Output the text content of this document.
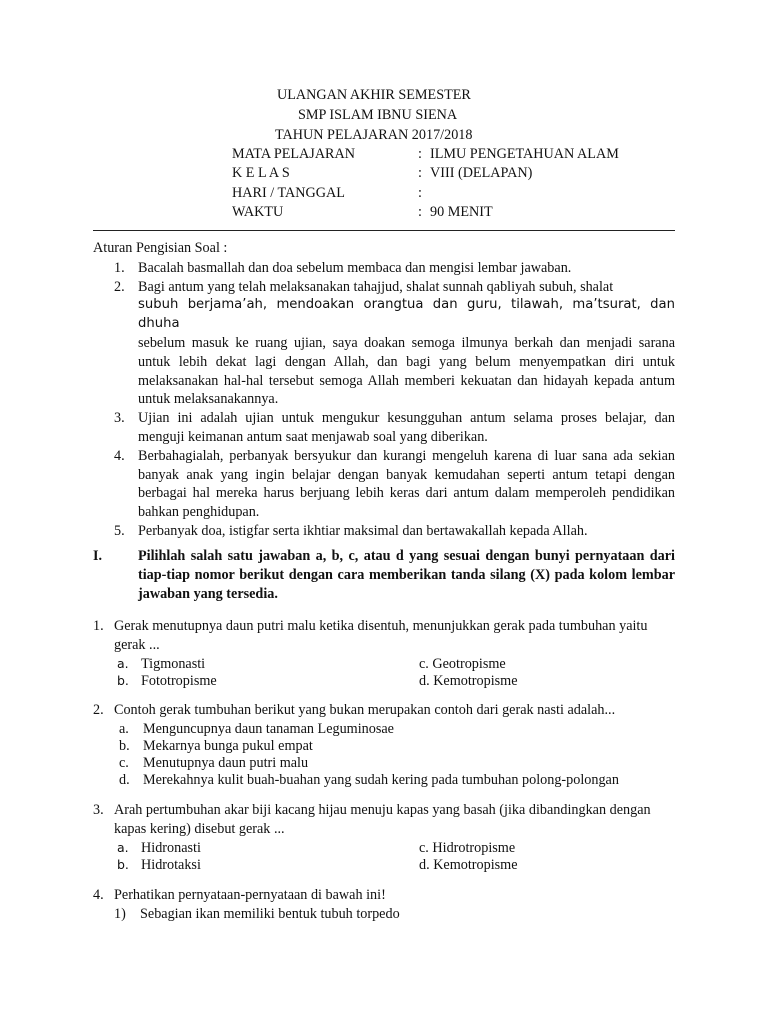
ULANGAN AKHIR SEMESTER
SMP ISLAM IBNU SIENA
TAHUN PELAJARAN 2017/2018
MATA PELAJARAN	: ILMU PENGETAHUAN ALAM
K E L A S	: VIII (DELAPAN)
HARI / TANGGAL	:
WAKTU	: 90 MENIT
Aturan Pengisian Soal :
1. Bacalah basmallah dan doa sebelum membaca dan mengisi lembar jawaban.
2. Bagi antum yang telah melaksanakan tahajjud, shalat sunnah qabliyah subuh, shalat
subuh berjama’ah, mendoakan orangtua dan guru, tilawah, ma’tsurat, dan dhuha
sebelum masuk ke ruang ujian, saya doakan semoga ilmunya berkah dan menjadi sarana untuk lebih dekat lagi dengan Allah, dan bagi yang belum menyempatkan diri untuk melaksanakan hal-hal tersebut semoga Allah memberi kekuatan dan hidayah kepada antum untuk melaksanakannya.
3. Ujian ini adalah ujian untuk mengukur kesungguhan antum selama proses belajar, dan menguji keimanan antum saat menjawab soal yang diberikan.
4. Berbahagialah, perbanyak bersyukur dan kurangi mengeluh karena di luar sana ada sekian banyak anak yang ingin belajar dengan banyak kemudahan seperti antum tetapi dengan berbagai hal mereka harus berjuang lebih keras dari antum dalam memperoleh pendidikan bahkan penghidupan.
5. Perbanyak doa, istigfar serta ikhtiar maksimal dan bertawakallah kepada Allah.
I.	Pilihlah salah satu jawaban a, b, c, atau d yang sesuai dengan bunyi pernyataan dari tiap-tiap nomor berikut dengan cara memberikan tanda silang (X) pada kolom lembar jawaban yang tersedia.
1. Gerak menutupnya daun putri malu ketika disentuh, menunjukkan gerak pada tumbuhan yaitu gerak ...
a. Tigmonasti	c. Geotropisme
b. Fototropisme	d. Kemotropisme
2. Contoh gerak tumbuhan berikut yang bukan merupakan contoh dari gerak nasti adalah...
a. Menguncupnya daun tanaman Leguminosae
b. Mekarnya bunga pukul empat
c. Menutupnya daun putri malu
d. Merekahnya kulit buah-buahan yang sudah kering pada tumbuhan polong-polongan
3. Arah pertumbuhan akar biji kacang hijau menuju kapas yang basah (jika dibandingkan dengan kapas kering) disebut gerak ...
a. Hidronasti	c. Hidrotropisme
b. Hidrotaksi	d. Kemotropisme
4. Perhatikan pernyataan-pernyataan di bawah ini!
1) Sebagian ikan memiliki bentuk tubuh torpedo
